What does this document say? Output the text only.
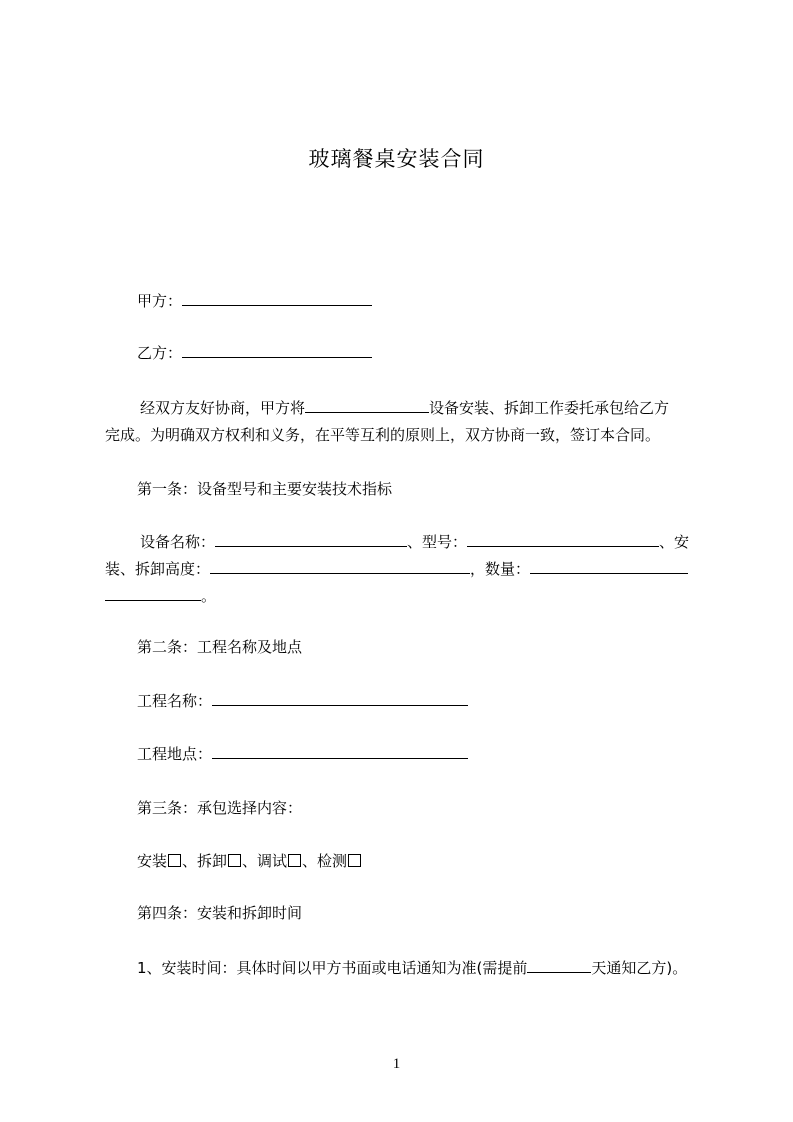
玻璃餐桌安装合同
甲方：
乙方：
经双方友好协商，甲方将	设备安装、拆卸工作委托承包给乙方
完成。为明确双方权利和义务，在平等互利的原则上，双方协商一致，签订本合同。
第一条：设备型号和主要安装技术指标
设备名称：	、型号：	、安
装、拆卸高度：	，数量：
。
第二条：工程名称及地点
工程名称：
工程地点：
第三条：承包选择内容：
安装 、拆卸 、调试 、检测
第四条：安装和拆卸时间
1、安装时间：具体时间以甲方书面或电话通知为准(需提前	天通知乙方)。
1
